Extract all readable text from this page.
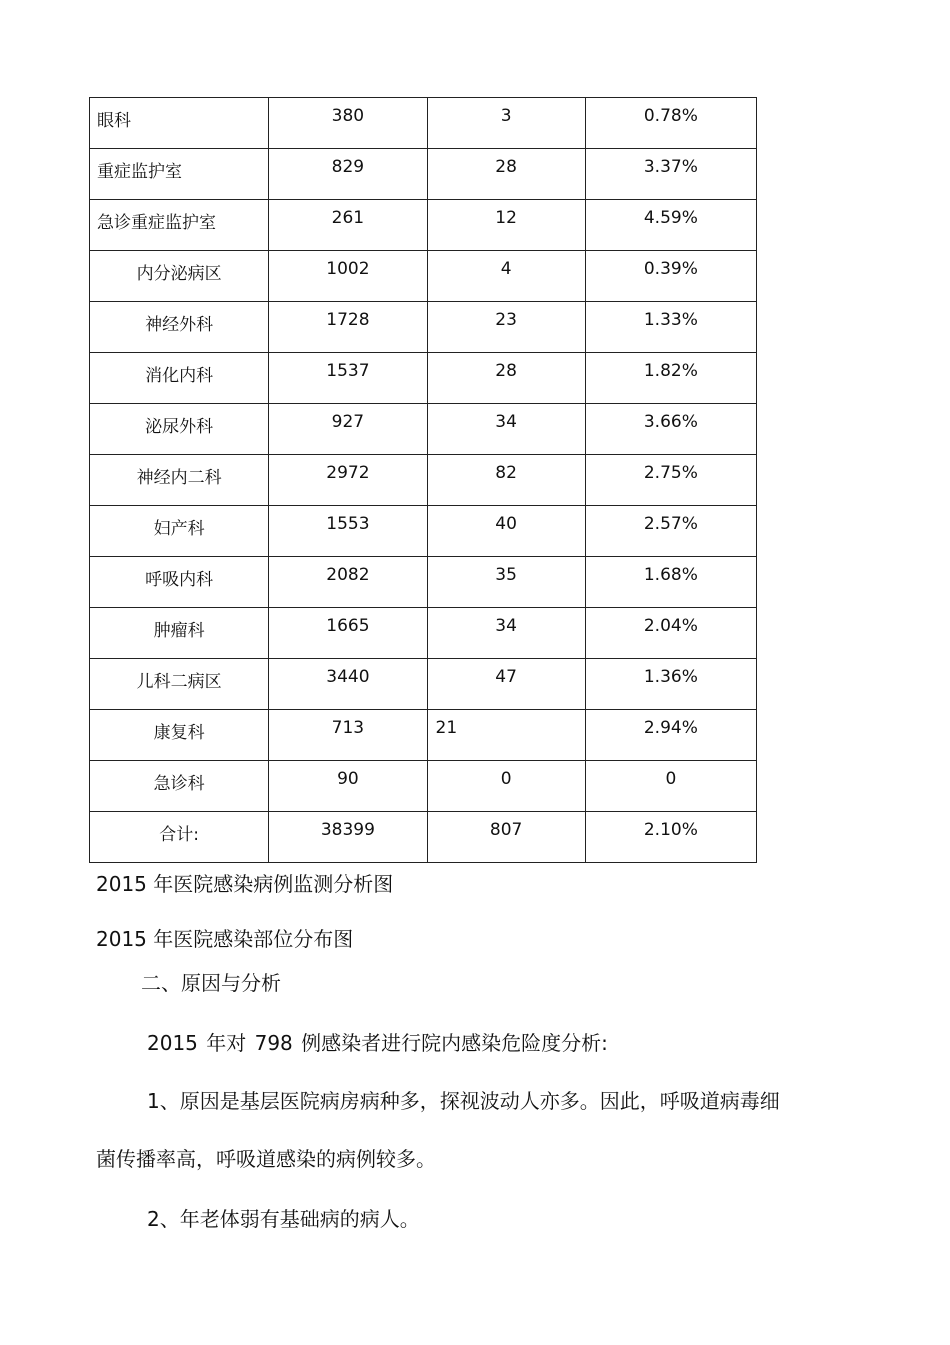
眼科	380	3	0.78%

重症监护室	829	28	3.37%

急诊重症监护室	261	12	4.59%

内分泌病区	1002	4	0.39%

神经外科	1728	23	1.33%

消化内科	1537	28	1.82%

泌尿外科	927	34	3.66%

神经内二科	2972	82	2.75%

妇产科	1553	40	2.57%

呼吸内科	2082	35	1.68%

肿瘤科	1665	34	2.04%

儿科二病区	3440	47	1.36%

康复科	713	21	2.94%

急诊科	90	0	0

合计:	38399	807	2.10%
2015 年医院感染病例监测分析图
2015 年医院感染部位分布图
二、原因与分析
2015 年对 798 例感染者进行院内感染危险度分析:
1、原因是基层医院病房病种多，探视波动人亦多。因此，呼吸道病毒细
菌传播率高，呼吸道感染的病例较多。
2、年老体弱有基础病的病人。
